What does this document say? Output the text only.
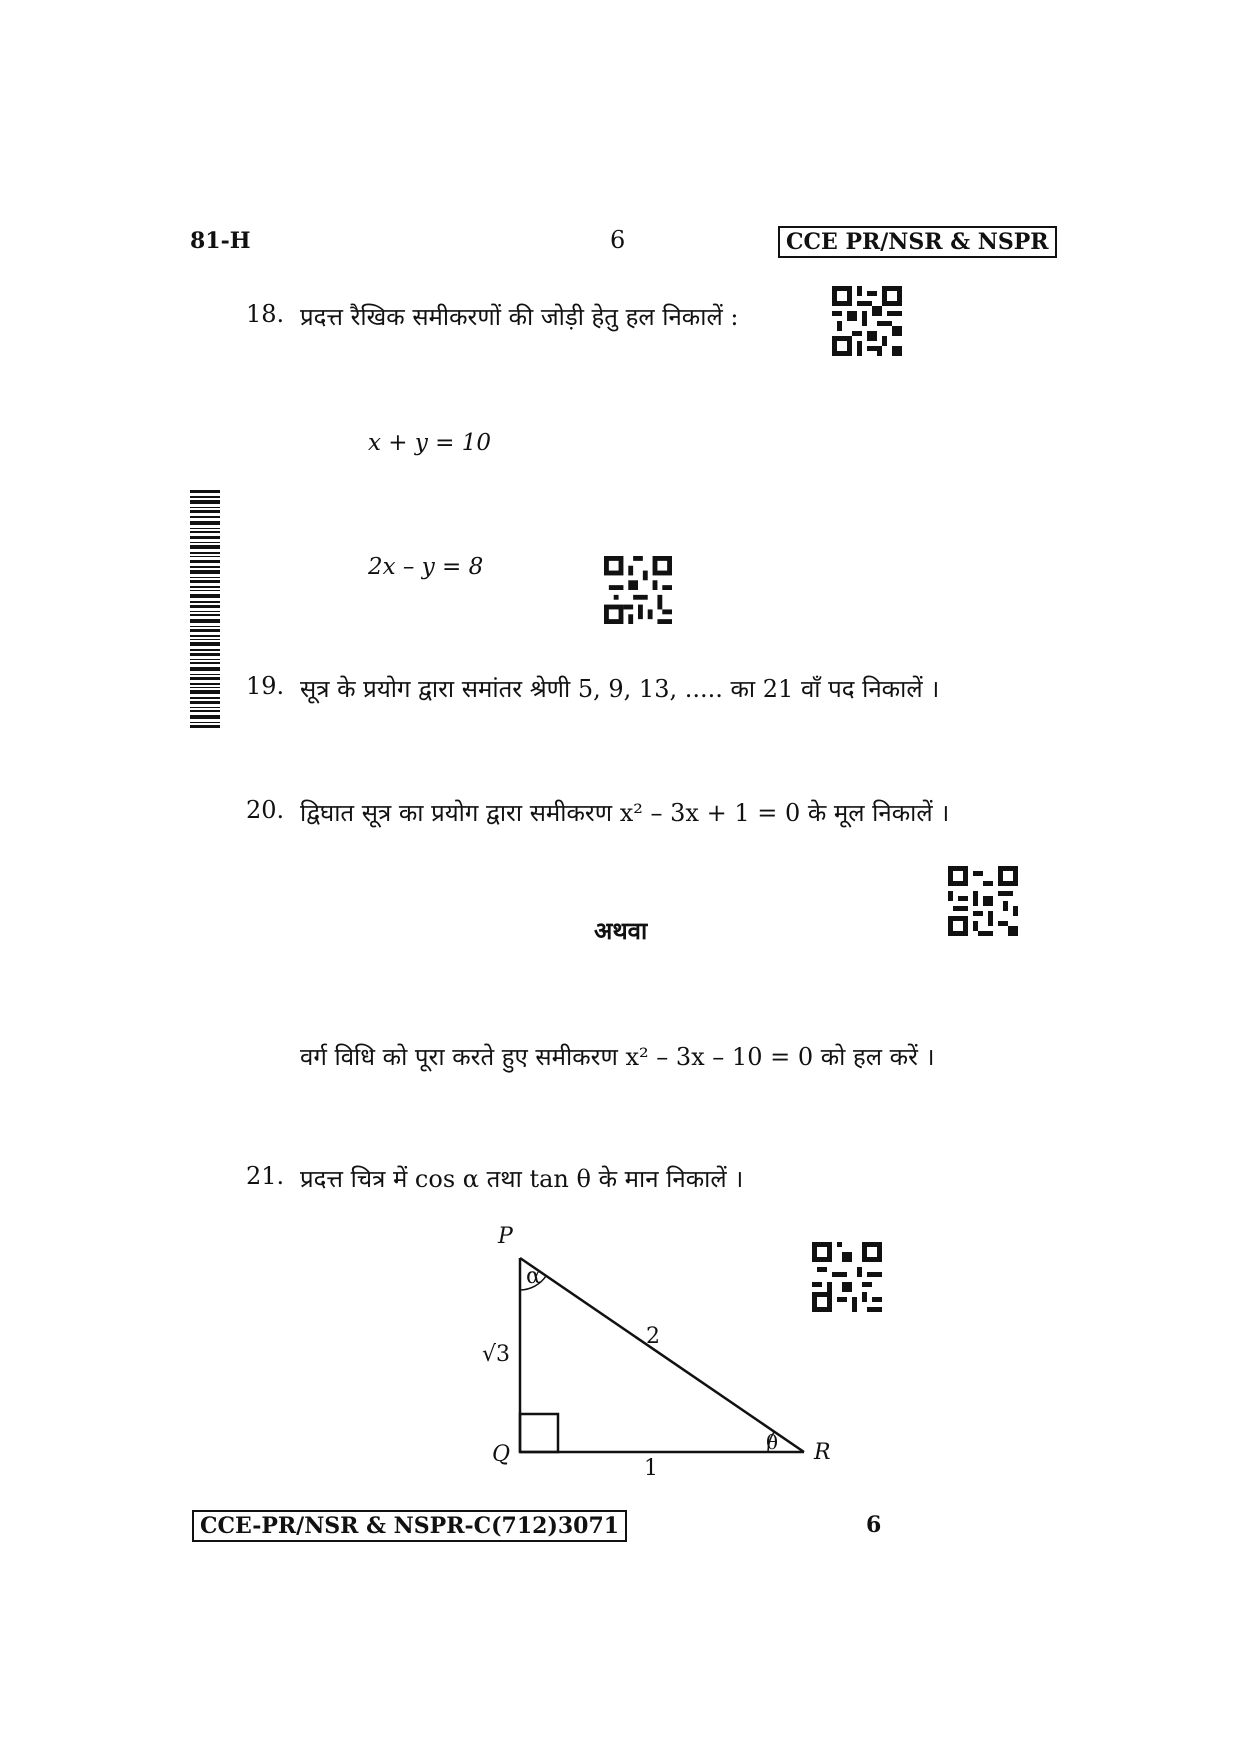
81-H	6	CCE PR/NSR & NSPR
18. प्रदत्त रैखिक समीकरणों की जोड़ी हेतु हल निकालें :
x + y = 10
2x – y = 8
19. सूत्र के प्रयोग द्वारा समांतर श्रेणी 5, 9, 13, ..... का 21 वाँ पद निकालें ।
20. द्विघात सूत्र का प्रयोग द्वारा समीकरण x² – 3x + 1 = 0 के मूल निकालें ।
अथवा
वर्ग विधि को पूरा करते हुए समीकरण x² – 3x – 10 = 0 को हल करें ।
21. प्रदत्त चित्र में cos α तथा tan θ के मान निकालें ।
P
Q	R
α
θ
√3
2
1
CCE-PR/NSR & NSPR-C(712)3071	6
